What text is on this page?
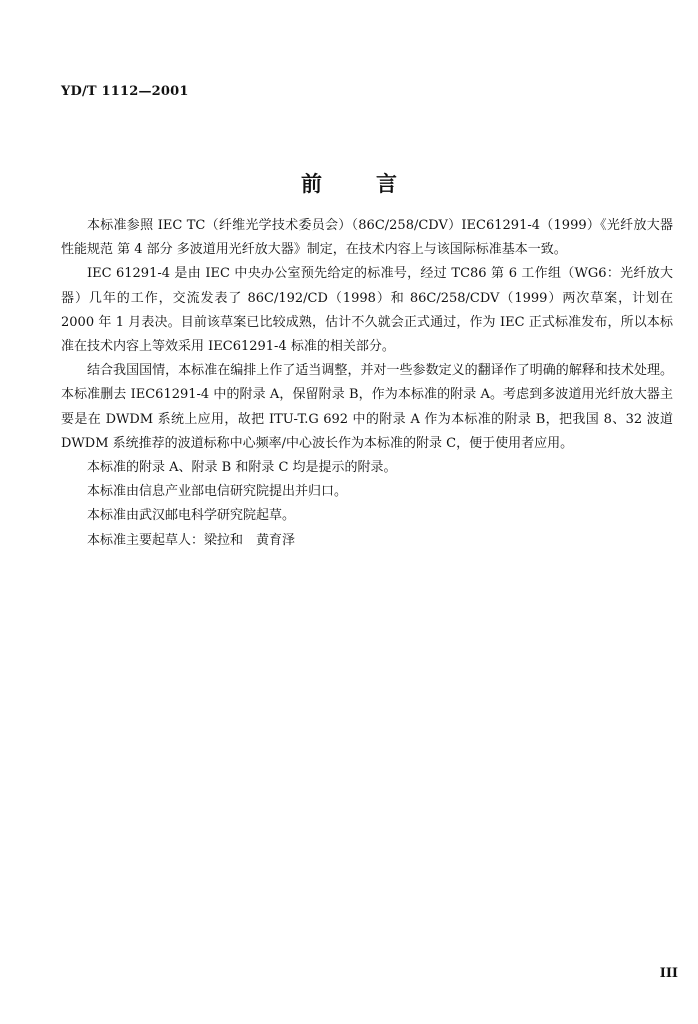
YD/T 1112—2001
前	言

本标准参照 IEC TC（纤维光学技术委员会）（86C/258/CDV）IEC61291-4（1999）《光纤放大器性能规范 第 4 部分 多波道用光纤放大器》制定，在技术内容上与该国际标准基本一致。

IEC 61291-4 是由 IEC 中央办公室预先给定的标准号，经过 TC86 第 6 工作组（WG6：光纤放大器）几年的工作，交流发表了 86C/192/CD（1998）和 86C/258/CDV（1999）两次草案，计划在 2000 年 1 月表决。目前该草案已比较成熟，估计不久就会正式通过，作为 IEC 正式标准发布，所以本标准在技术内容上等效采用 IEC61291-4 标准的相关部分。

结合我国国情，本标准在编排上作了适当调整，并对一些参数定义的翻译作了明确的解释和技术处理。本标准删去 IEC61291-4 中的附录 A，保留附录 B，作为本标准的附录 A。考虑到多波道用光纤放大器主要是在 DWDM 系统上应用，故把 ITU-T.G 692 中的附录 A 作为本标准的附录 B，把我国 8、32 波道 DWDM 系统推荐的波道标称中心频率/中心波长作为本标准的附录 C，便于使用者应用。

本标准的附录 A、附录 B 和附录 C 均是提示的附录。

本标准由信息产业部电信研究院提出并归口。

本标准由武汉邮电科学研究院起草。

本标准主要起草人：梁拉和　黄育泽

III
